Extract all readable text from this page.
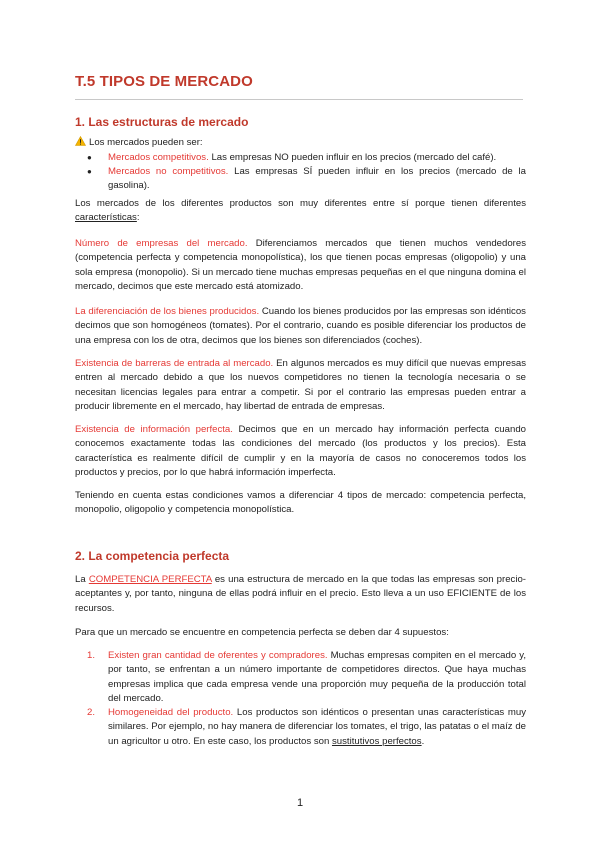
T.5 TIPOS DE MERCADO
1. Las estructuras de mercado
Los mercados pueden ser:
● Mercados competitivos. Las empresas NO pueden influir en los precios (mercado del café).
● Mercados no competitivos. Las empresas SÍ pueden influir en los precios (mercado de la gasolina).
Los mercados de los diferentes productos son muy diferentes entre sí porque tienen diferentes características:
Número de empresas del mercado. Diferenciamos mercados que tienen muchos vendedores (competencia perfecta y competencia monopolística), los que tienen pocas empresas (oligopolio) y una sola empresa (monopolio). Si un mercado tiene muchas empresas pequeñas en el que ninguna domina el mercado, decimos que este mercado está atomizado.
La diferenciación de los bienes producidos. Cuando los bienes producidos por las empresas son idénticos decimos que son homogéneos (tomates). Por el contrario, cuando es posible diferenciar los productos de una empresa con los de otra, decimos que los bienes son diferenciados (coches).
Existencia de barreras de entrada al mercado. En algunos mercados es muy difícil que nuevas empresas entren al mercado debido a que los nuevos competidores no tienen la tecnología necesaria o se necesitan licencias legales para entrar a competir. Si por el contrario las empresas pueden entrar a producir libremente en el mercado, hay libertad de entrada de empresas.
Existencia de información perfecta. Decimos que en un mercado hay información perfecta cuando conocemos exactamente todas las condiciones del mercado (los productos y los precios). Esta característica es realmente difícil de cumplir y en la mayoría de casos no conoceremos todos los productos y precios, por lo que habrá información imperfecta.
Teniendo en cuenta estas condiciones vamos a diferenciar 4 tipos de mercado: competencia perfecta, monopolio, oligopolio y competencia monopolística.
2. La competencia perfecta
La COMPETENCIA PERFECTA es una estructura de mercado en la que todas las empresas son precio-aceptantes y, por tanto, ninguna de ellas podrá influir en el precio. Esto lleva a un uso EFICIENTE de los recursos.
Para que un mercado se encuentre en competencia perfecta se deben dar 4 supuestos:
1. Existen gran cantidad de oferentes y compradores. Muchas empresas compiten en el mercado y, por tanto, se enfrentan a un número importante de competidores directos. Que haya muchas empresas implica que cada empresa vende una proporción muy pequeña de la producción total del mercado.
2. Homogeneidad del producto. Los productos son idénticos o presentan unas características muy similares. Por ejemplo, no hay manera de diferenciar los tomates, el trigo, las patatas o el maíz de un agricultor u otro. En este caso, los productos son sustitutivos perfectos.
1
